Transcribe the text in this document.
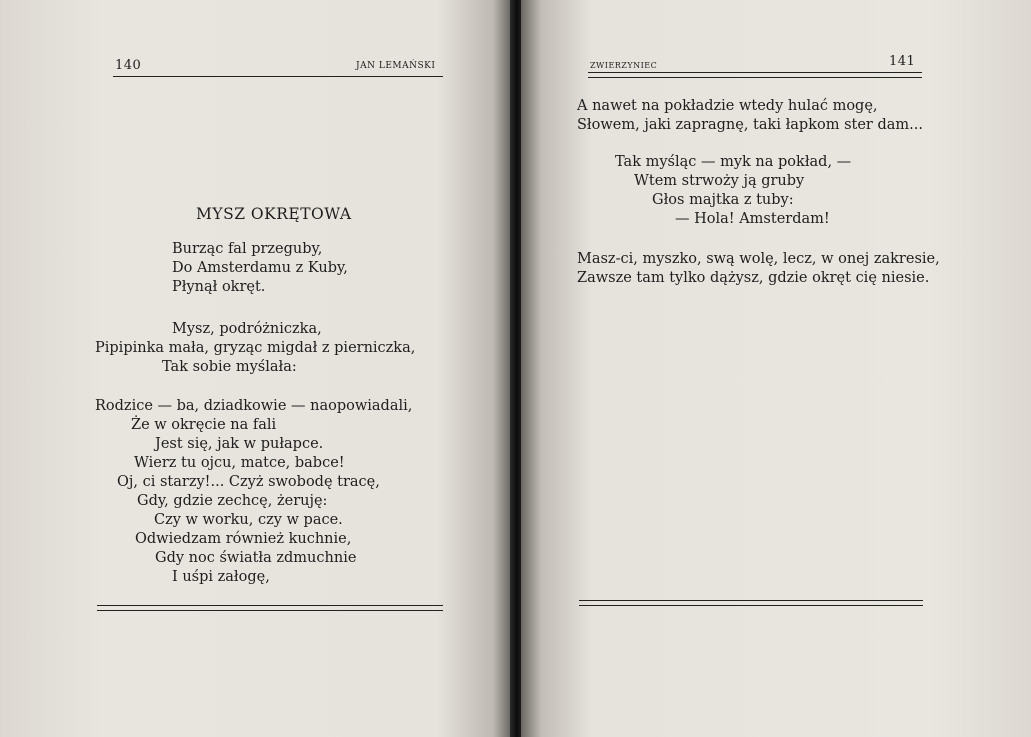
140	JAN LEMAŃSKI
MYSZ OKRĘTOWA
Burząc fal przeguby,
Do Amsterdamu z Kuby,
Płynął okręt.
Mysz, podróżniczka,
Pipipinka mała, gryząc migdał z pierniczka,
Tak sobie myślała:
Rodzice — ba, dziadkowie — naopowiadali,
Że w okręcie na fali
Jest się, jak w pułapce.
Wierz tu ojcu, matce, babce!
Oj, ci starzy!... Czyż swobodę tracę,
Gdy, gdzie zechcę, żeruję:
Czy w worku, czy w pace.
Odwiedzam również kuchnie,
Gdy noc światła zdmuchnie
I uśpi załogę,
ZWIERZYNIEC	141
A nawet na pokładzie wtedy hulać mogę,
Słowem, jaki zapragnę, taki łapkom ster dam...
Tak myśląc — myk na pokład, —
Wtem strwoży ją gruby
Głos majtka z tuby:
— Hola! Amsterdam!
Masz-ci, myszko, swą wolę, lecz, w onej zakresie,
Zawsze tam tylko dążysz, gdzie okręt cię niesie.
